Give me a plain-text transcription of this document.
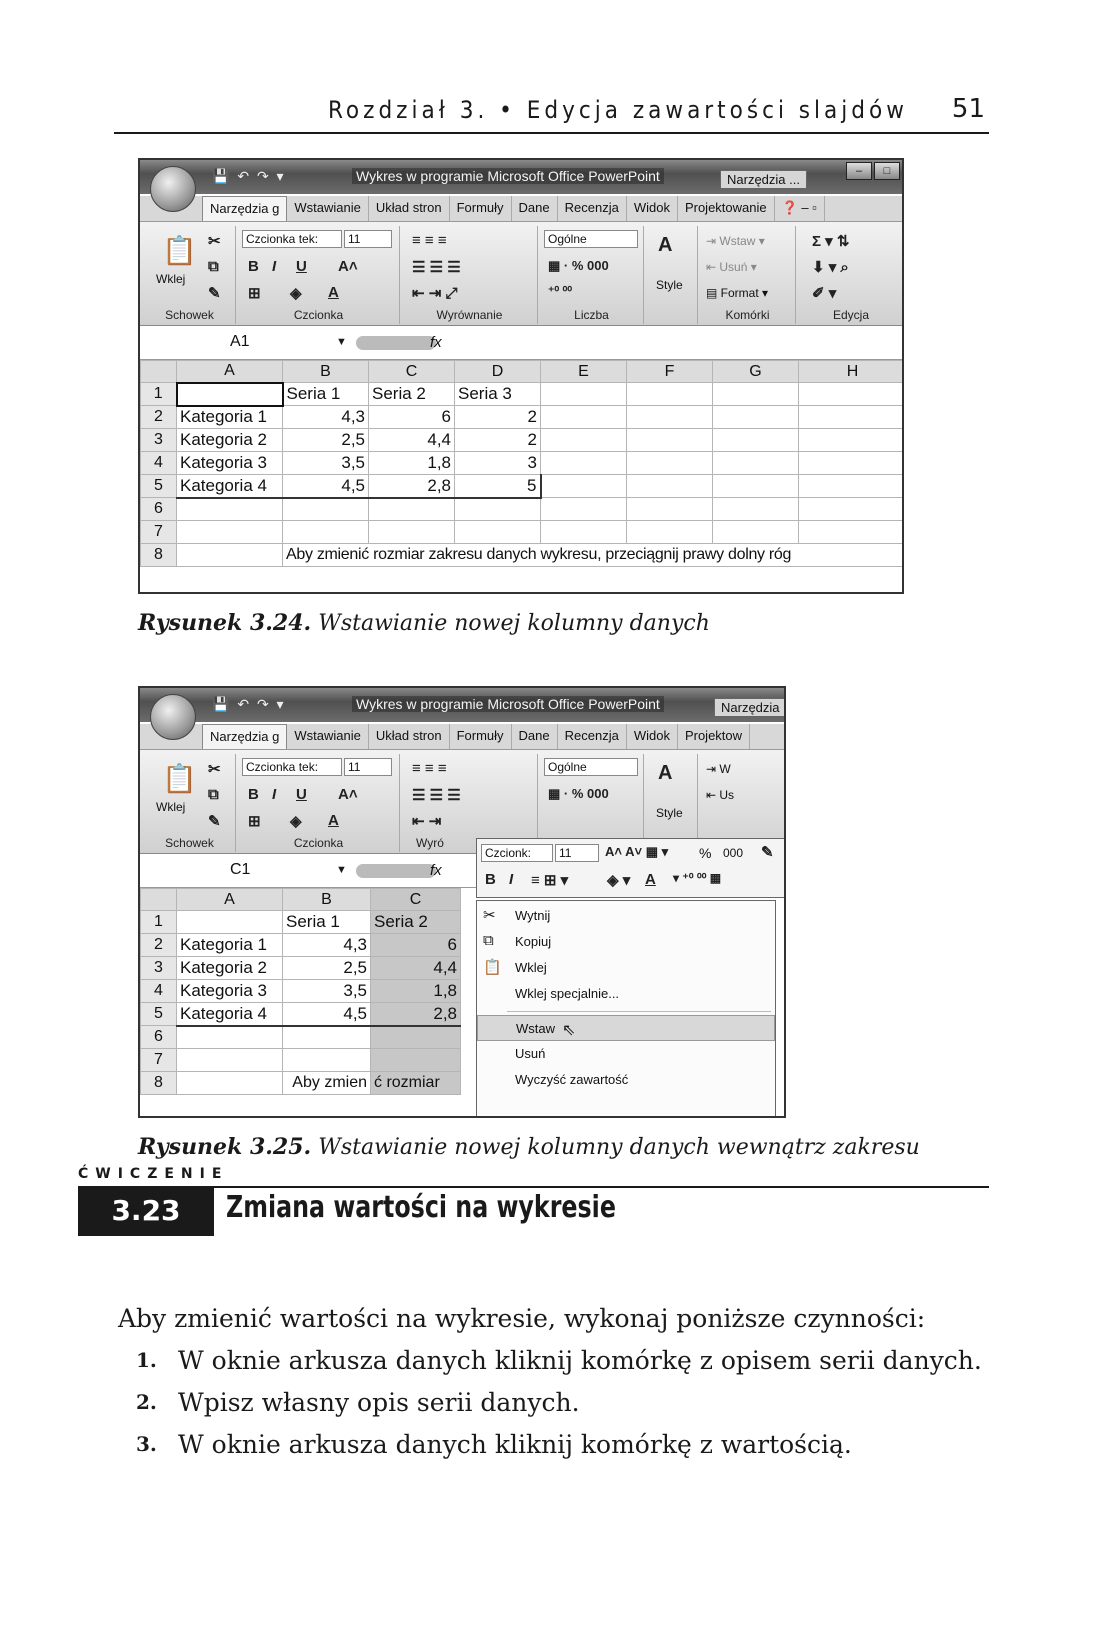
Rozdział 3. • Edycja zawartości slajdów 51
💾 ↶ ↷ ▾	Wykres w programie Microsoft Office PowerPoint	Narzędzia ...
–	□
Narzędzia g	Wstawianie	Układ stron	Formuły	Dane	Recenzja	Widok	Projektowanie	❓ – ▫
📋 ✂
⧉
✎
Wklej
Schowek
Czcionka tek:	11
B I U A˄
⊞ ◈ A
Czcionka
≡ ≡ ≡
☰ ☰ ☰
⇤ ⇥ ⤢
Wyrównanie
Ogólne
▦ · % 000
⁺⁰ ⁰⁰
Liczba
A
Style
⇥ Wstaw ▾
⇤ Usuń ▾
▤ Format ▾
Komórki
Σ ▾ ⇅
⬇ ▾ ⌕
✐ ▾
Edycja
A1	▼	fx
	A	B	C	D	E	F	G	H
1		Seria 1	Seria 2	Seria 3				
2	Kategoria 1	4,3	6	2				
3	Kategoria 2	2,5	4,4	2				
4	Kategoria 3	3,5	1,8	3				
5	Kategoria 4	4,5	2,8	5				
6								
7								
8		Aby zmienić rozmiar zakresu danych wykresu, przeciągnij prawy dolny róg						
Rysunek 3.24. Wstawianie nowej kolumny danych
💾 ↶ ↷ ▾	Wykres w programie Microsoft Office PowerPoint	Narzędzia
Narzędzia g	Wstawianie	Układ stron	Formuły	Dane	Recenzja	Widok	Projektow
📋 ✂
⧉
✎
Wklej
Schowek
Czcionka tek:	11
B I U A˄
⊞ ◈ A
Czcionka
≡ ≡ ≡
☰ ☰ ☰
⇤ ⇥
Wyró
Ogólne
▦ · % 000
A
Style
⇥ W
⇤ Us
C1	▼	fx
	A	B	C
1		Seria 1	Seria 2
2	Kategoria 1	4,3	6
3	Kategoria 2	2,5	4,4
4	Kategoria 3	3,5	1,8
5	Kategoria 4	4,5	2,8
6			
7			
8		Aby zmien	ć rozmiar
Czcionk:	11	A˄ A˅ ▦ ▾ % 000 ✎
B I ≡ ⊞ ▾	◈ ▾ A ▾ ⁺⁰ ⁰⁰ ▦
✂ Wytnij
⧉ Kopiuj
📋 Wklej
Wklej specjalnie...
Wstaw ⇖
Usuń
Wyczyść zawartość
Rysunek 3.25. Wstawianie nowej kolumny danych wewnątrz zakresu
ĆWICZENIE
3.23	Zmiana wartości na wykresie
Aby zmienić wartości na wykresie, wykonaj poniższe czynności:
1. W oknie arkusza danych kliknij komórkę z opisem serii danych.
2. Wpisz własny opis serii danych.
3. W oknie arkusza danych kliknij komórkę z wartością.
